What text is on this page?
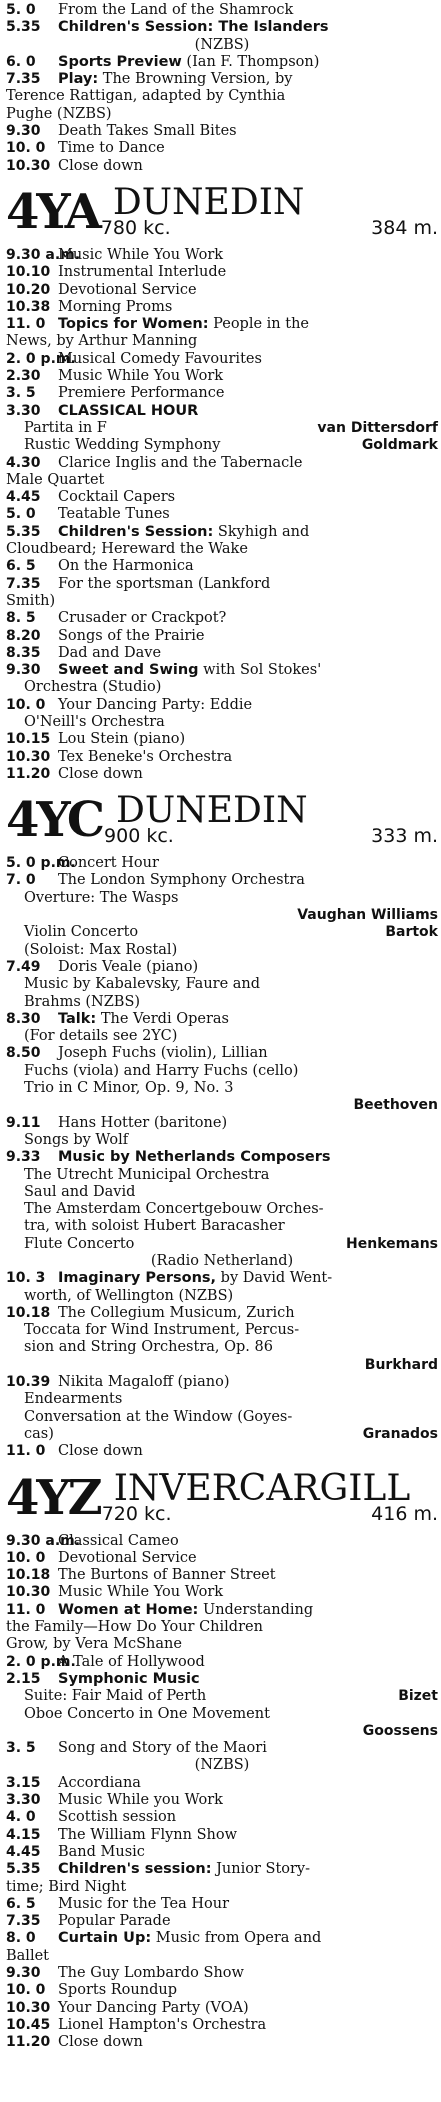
5. 0 From the Land of the Shamrock
5.35 Children's Session: The Islanders
(NZBS)
6. 0 Sports Preview (Ian F. Thompson)
7.35 Play: The Browning Version, by
Terence Rattigan, adapted by Cynthia
Pughe (NZBS)
9.30 Death Takes Small Bites
10. 0 Time to Dance
10.30 Close down
4YA DUNEDIN
780 kc.	384 m.
9.30 a.m.Music While You Work
10.10 Instrumental Interlude
10.20 Devotional Service
10.38 Morning Proms
11. 0 Topics for Women: People in the
News, by Arthur Manning
2. 0 p.m.Musical Comedy Favourites
2.30 Music While You Work
3. 5 Premiere Performance
3.30 CLASSICAL HOUR
Partita in F	van Dittersdorf
Rustic Wedding Symphony	Goldmark
4.30 Clarice Inglis and the Tabernacle
Male Quartet
4.45 Cocktail Capers
5. 0 Teatable Tunes
5.35 Children's Session: Skyhigh and
Cloudbeard; Hereward the Wake
6. 5 On the Harmonica
7.35 For the sportsman (Lankford
Smith)
8. 5 Crusader or Crackpot?
8.20 Songs of the Prairie
8.35 Dad and Dave
9.30 Sweet and Swing with Sol Stokes'
Orchestra (Studio)
10. 0 Your Dancing Party: Eddie
O'Neill's Orchestra
10.15 Lou Stein (piano)
10.30 Tex Beneke's Orchestra
11.20 Close down
4YC DUNEDIN
900 kc.	333 m.
5. 0 p.m.Concert Hour
7. 0 The London Symphony Orchestra
Overture: The Wasps
Vaughan Williams
Violin Concerto	Bartok
(Soloist: Max Rostal)
7.49 Doris Veale (piano)
Music by Kabalevsky, Faure and
Brahms (NZBS)
8.30 Talk: The Verdi Operas
(For details see 2YC)
8.50 Joseph Fuchs (violin), Lillian
Fuchs (viola) and Harry Fuchs (cello)
Trio in C Minor, Op. 9, No. 3
Beethoven
9.11 Hans Hotter (baritone)
Songs by Wolf
9.33 Music by Netherlands Composers
The Utrecht Municipal Orchestra
Saul and David
The Amsterdam Concertgebouw Orches-
tra, with soloist Hubert Baracasher
Flute Concerto	Henkemans
(Radio Netherland)
10. 3 Imaginary Persons, by David Went-
worth, of Wellington (NZBS)
10.18 The Collegium Musicum, Zurich
Toccata for Wind Instrument, Percus-
sion and String Orchestra, Op. 86
Burkhard
10.39 Nikita Magaloff (piano)
Endearments
Conversation at the Window (Goyes-
cas)	Granados
11. 0 Close down
4YZ INVERCARGILL
720 kc.	416 m.
9.30 a.m.Classical Cameo
10. 0 Devotional Service
10.18 The Burtons of Banner Street
10.30 Music While You Work
11. 0 Women at Home: Understanding
the Family—How Do Your Children
Grow, by Vera McShane
2. 0 p.m.A Tale of Hollywood
2.15 Symphonic Music
Suite: Fair Maid of Perth	Bizet
Oboe Concerto in One Movement
Goossens
3. 5 Song and Story of the Maori
(NZBS)
3.15 Accordiana
3.30 Music While you Work
4. 0 Scottish session
4.15 The William Flynn Show
4.45 Band Music
5.35 Children's session: Junior Story-
time; Bird Night
6. 5 Music for the Tea Hour
7.35 Popular Parade
8. 0 Curtain Up: Music from Opera and
Ballet
9.30 The Guy Lombardo Show
10. 0 Sports Roundup
10.30 Your Dancing Party (VOA)
10.45 Lionel Hampton's Orchestra
11.20 Close down
